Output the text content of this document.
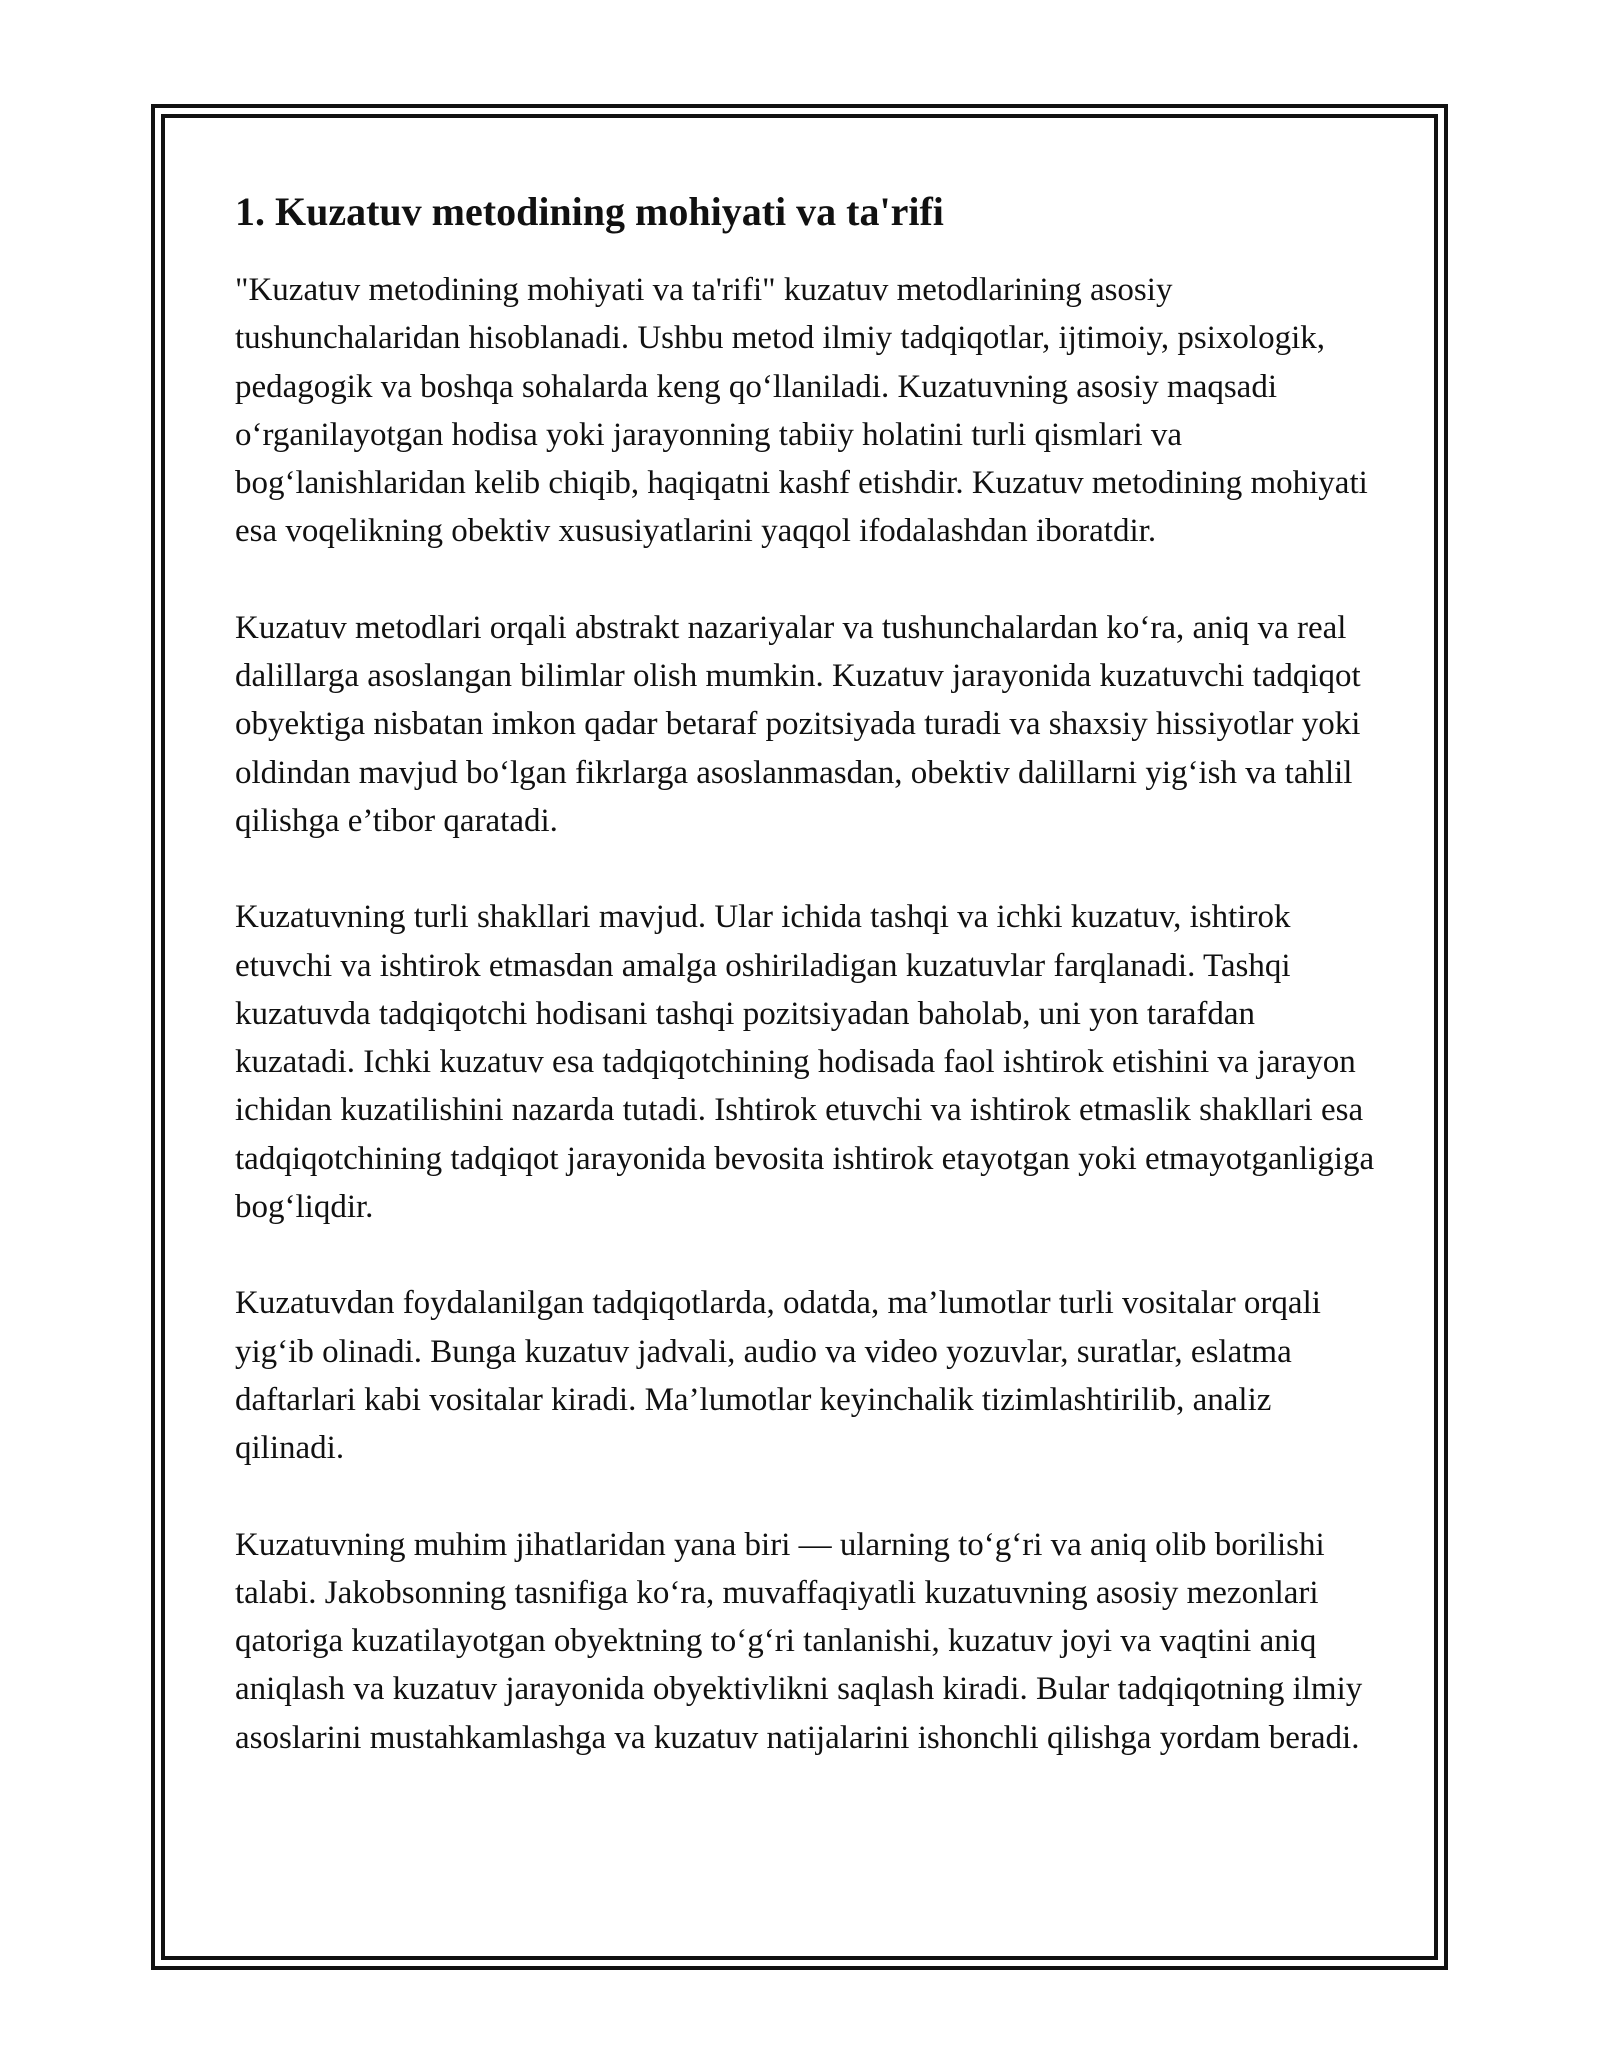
1. Kuzatuv metodining mohiyati va ta'rifi

"Kuzatuv metodining mohiyati va ta'rifi" kuzatuv metodlarining asosiy tushunchalaridan hisoblanadi. Ushbu metod ilmiy tadqiqotlar, ijtimoiy, psixologik, pedagogik va boshqa sohalarda keng qo‘llaniladi. Kuzatuvning asosiy maqsadi o‘rganilayotgan hodisa yoki jarayonning tabiiy holatini turli qismlari va bog‘lanishlaridan kelib chiqib, haqiqatni kashf etishdir. Kuzatuv metodining mohiyati esa voqelikning obektiv xususiyatlarini yaqqol ifodalashdan iboratdir.

Kuzatuv metodlari orqali abstrakt nazariyalar va tushunchalardan ko‘ra, aniq va real dalillarga asoslangan bilimlar olish mumkin. Kuzatuv jarayonida kuzatuvchi tadqiqot obyektiga nisbatan imkon qadar betaraf pozitsiyada turadi va shaxsiy hissiyotlar yoki oldindan mavjud bo‘lgan fikrlarga asoslanmasdan, obektiv dalillarni yig‘ish va tahlil qilishga e’tibor qaratadi.

Kuzatuvning turli shakllari mavjud. Ular ichida tashqi va ichki kuzatuv, ishtirok etuvchi va ishtirok etmasdan amalga oshiriladigan kuzatuvlar farqlanadi. Tashqi kuzatuvda tadqiqotchi hodisani tashqi pozitsiyadan baholab, uni yon tarafdan kuzatadi. Ichki kuzatuv esa tadqiqotchining hodisada faol ishtirok etishini va jarayon ichidan kuzatilishini nazarda tutadi. Ishtirok etuvchi va ishtirok etmaslik shakllari esa tadqiqotchining tadqiqot jarayonida bevosita ishtirok etayotgan yoki etmayotganligiga bog‘liqdir.

Kuzatuvdan foydalanilgan tadqiqotlarda, odatda, ma’lumotlar turli vositalar orqali yig‘ib olinadi. Bunga kuzatuv jadvali, audio va video yozuvlar, suratlar, eslatma daftarlari kabi vositalar kiradi. Ma’lumotlar keyinchalik tizimlashtirilib, analiz qilinadi.

Kuzatuvning muhim jihatlaridan yana biri — ularning to‘g‘ri va aniq olib borilishi talabi. Jakobsonning tasnifiga ko‘ra, muvaffaqiyatli kuzatuvning asosiy mezonlari qatoriga kuzatilayotgan obyektning to‘g‘ri tanlanishi, kuzatuv joyi va vaqtini aniq aniqlash va kuzatuv jarayonida obyektivlikni saqlash kiradi. Bular tadqiqotning ilmiy asoslarini mustahkamlashga va kuzatuv natijalarini ishonchli qilishga yordam beradi.
